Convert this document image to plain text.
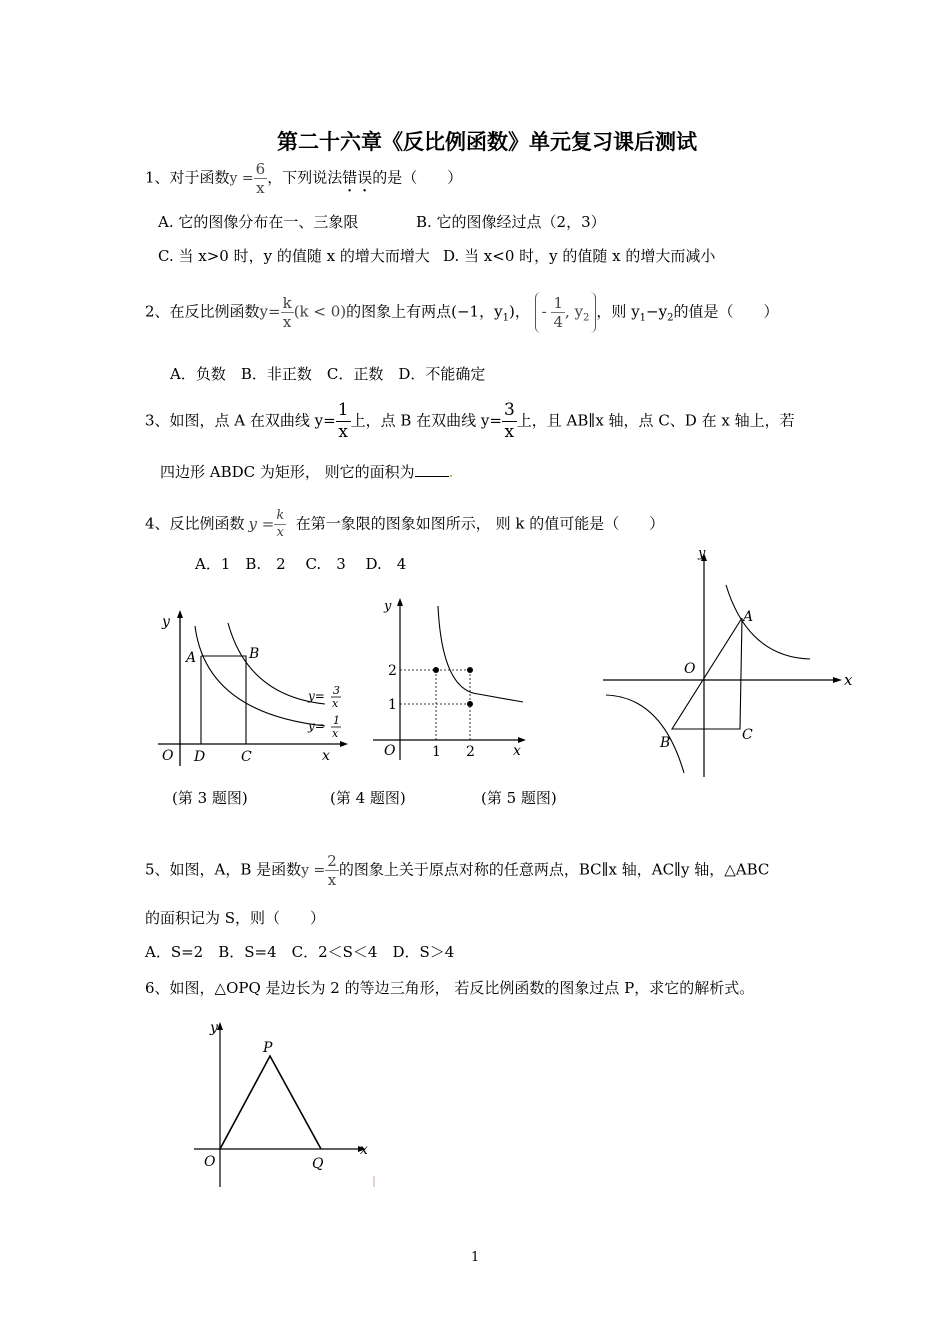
第二十六章《反比例函数》单元复习课后测试
1、对于函数$y = \frac{6}{x}$ ，下列说法错误的是（　　）
A. 它的图像分布在一、三象限	B. 它的图像经过点（2，3）
C. 当 x>0 时，y 的值随 x 的增大而增大 D. 当 x<0 时，y 的值随 x 的增大而减小
2、在反比例函数$y= \frac{k}{x} (k < 0)$的图象上有两点(−1，$y_1$)， - $\frac{1}{4}$ , $y_2$ ，则 $y_1-y_2$的值是（　　）
A．负数　B．非正数　C．正数　D．不能确定
3、如图，点 A 在双曲线 $y= \frac{1}{x}$ 上，点 B 在双曲线 $y= \frac{3}{x}$ 上，且 AB∥x 轴，点 C、D 在 x 轴上，若
四边形 ABDC 为矩形， 则它的面积为 .
4、反比例函数 $y = \frac{k}{x}$ 在第一象限的图象如图所示， 则 k 的值可能是（　　）
A．1　B.　2　 C.　3　 D.　4
y
O	x
A	B
D	C
y= 3
x
y= 1
x
y
O	x
1 2
2
1
y
O
x
A
B	C
(第 3 题图)	(第 4 题图)	(第 5 题图)
5、如图，A，B 是函数$y = \frac{2}{x}$ 的图象上关于原点对称的任意两点，BC∥x 轴，AC∥y 轴，△ABC
的面积记为 S，则（　　）
A．S=2　B．S=4　C．2＜S＜4　D．S＞4
6、如图，△OPQ 是边长为 2 的等边三角形， 若反比例函数的图象过点 P，求它的解析式。
y
P
O	Q
x
1
